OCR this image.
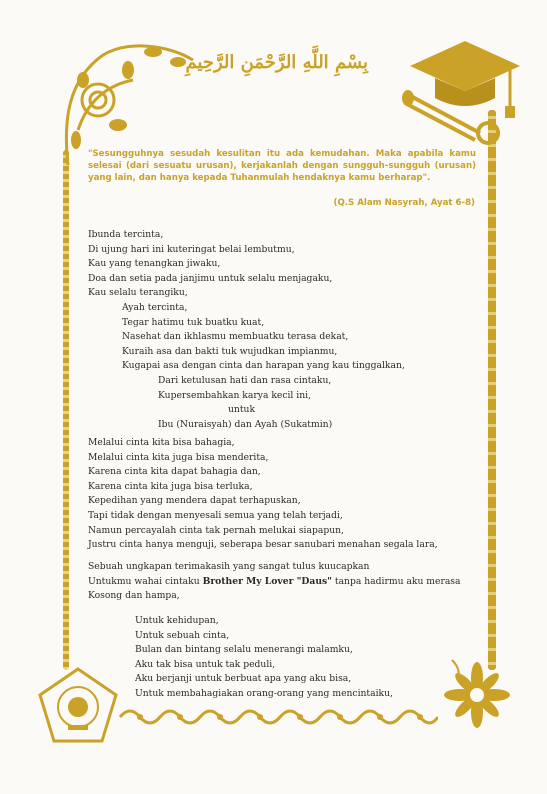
بِسْمِ اللَّهِ الرَّحْمَنِ الرَّحِيمِ
"Sesungguhnya sesudah kesulitan itu ada kemudahan. Maka apabila kamu selesai (dari sesuatu urusan), kerjakanlah dengan sungguh-sungguh (urusan) yang lain, dan hanya kepada Tuhanmulah hendaknya kamu berharap".
(Q.S Alam Nasyrah, Ayat 6-8)
Ibunda tercinta,
Di ujung hari ini kuteringat belai lembutmu,
Kau yang tenangkan jiwaku,
Doa dan setia pada janjimu untuk selalu menjagaku,
Kau selalu terangiku,
Ayah tercinta,
Tegar hatimu tuk buatku kuat,
Nasehat dan ikhlasmu membuatku terasa dekat,
Kuraih asa dan bakti tuk wujudkan impianmu,
Kugapai asa dengan cinta dan harapan yang kau tinggalkan,
Dari ketulusan hati dan rasa cintaku,
Kupersembahkan karya kecil ini,
untuk
Ibu (Nuraisyah) dan Ayah (Sukatmin)
Melalui cinta kita bisa bahagia,
Melalui cinta kita juga bisa menderita,
Karena cinta kita dapat bahagia dan,
Karena cinta kita juga bisa terluka,
Kepedihan yang mendera dapat terhapuskan,
Tapi tidak dengan menyesali semua yang telah terjadi,
Namun percayalah cinta tak pernah melukai siapapun,
Justru cinta hanya menguji, seberapa besar sanubari menahan segala lara,
Sebuah ungkapan terimakasih yang sangat tulus kuucapkan
Untukmu wahai cintaku Brother My Lover "Daus" tanpa hadirmu aku merasa
Kosong dan hampa,
Untuk kehidupan,
Untuk sebuah cinta,
Bulan dan bintang selalu menerangi malamku,
Aku tak bisa untuk tak peduli,
Aku berjanji untuk berbuat apa yang aku bisa,
Untuk membahagiakan orang-orang yang mencintaiku,
